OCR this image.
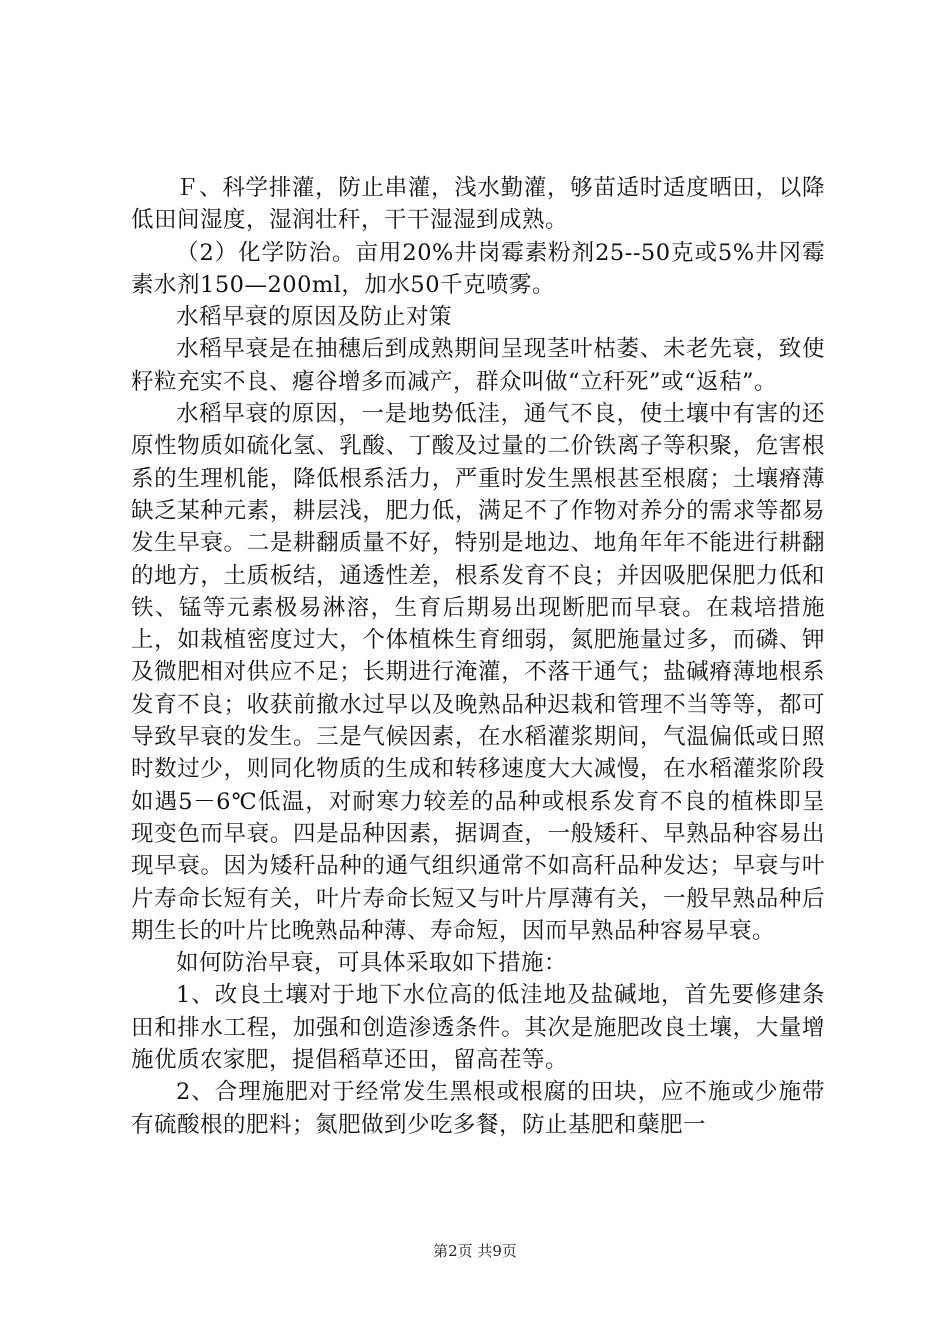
Ｆ、科学排灌，防止串灌，浅水勤灌，够苗适时适度晒田，以降低田间湿度，湿润壮秆，干干湿湿到成熟。

（2）化学防治。亩用20%井岗霉素粉剂25--50克或5%井冈霉素水剂150—200ml，加水50千克喷雾。

水稻早衰的原因及防止对策

水稻早衰是在抽穗后到成熟期间呈现茎叶枯萎、未老先衰，致使籽粒充实不良、瘪谷增多而减产，群众叫做“立秆死”或“返秸”。

水稻早衰的原因，一是地势低洼，通气不良，使土壤中有害的还原性物质如硫化氢、乳酸、丁酸及过量的二价铁离子等积聚，危害根系的生理机能，降低根系活力，严重时发生黑根甚至根腐；土壤瘠薄缺乏某种元素，耕层浅，肥力低，满足不了作物对养分的需求等都易发生早衰。二是耕翻质量不好，特别是地边、地角年年不能进行耕翻的地方，土质板结，通透性差，根系发育不良；并因吸肥保肥力低和铁、锰等元素极易淋溶，生育后期易出现断肥而早衰。在栽培措施上，如栽植密度过大，个体植株生育细弱，氮肥施量过多，而磷、钾及微肥相对供应不足；长期进行淹灌，不落干通气；盐碱瘠薄地根系发育不良；收获前撤水过早以及晚熟品种迟栽和管理不当等等，都可导致早衰的发生。三是气候因素，在水稻灌浆期间，气温偏低或日照时数过少，则同化物质的生成和转移速度大大减慢，在水稻灌浆阶段如遇5－6℃低温，对耐寒力较差的品种或根系发育不良的植株即呈现变色而早衰。四是品种因素，据调查，一般矮秆、早熟品种容易出现早衰。因为矮秆品种的通气组织通常不如高秆品种发达；早衰与叶片寿命长短有关，叶片寿命长短又与叶片厚薄有关，一般早熟品种后期生长的叶片比晚熟品种薄、寿命短，因而早熟品种容易早衰。

如何防治早衰，可具体采取如下措施：

1、改良土壤对于地下水位高的低洼地及盐碱地，首先要修建条田和排水工程，加强和创造渗透条件。其次是施肥改良土壤，大量增施优质农家肥，提倡稻草还田，留高茬等。

2、合理施肥对于经常发生黑根或根腐的田块，应不施或少施带有硫酸根的肥料；氮肥做到少吃多餐，防止基肥和蘖肥一

第2页 共9页
